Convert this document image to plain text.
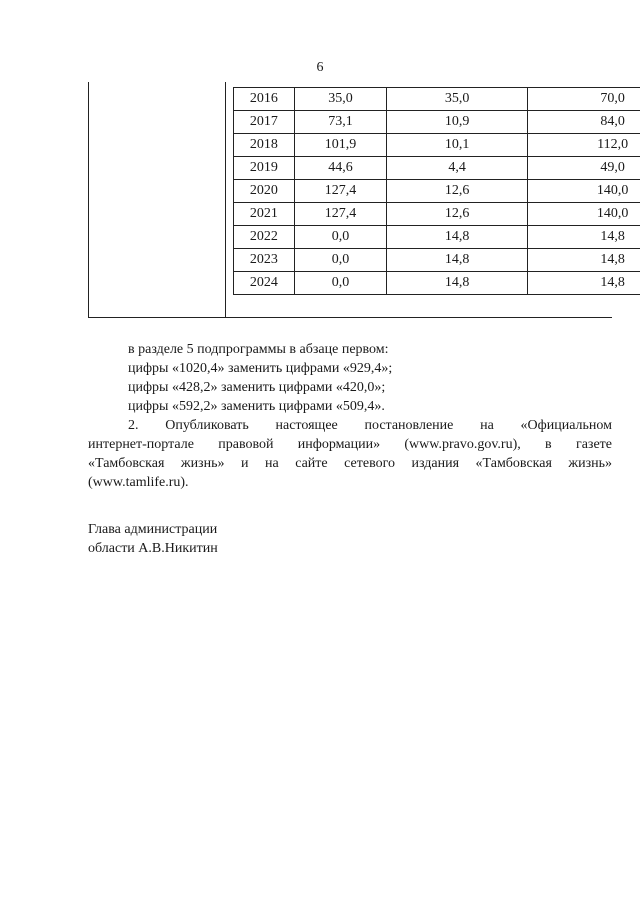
6
2016	35,0	35,0	70,0
2017	73,1	10,9	84,0
2018	101,9	10,1	112,0
2019	44,6	4,4	49,0
2020	127,4	12,6	140,0
2021	127,4	12,6	140,0
2022	0,0	14,8	14,8
2023	0,0	14,8	14,8
2024	0,0	14,8	14,8

в разделе 5 подпрограммы в абзаце первом:

цифры «1020,4» заменить цифрами «929,4»;

цифры «428,2» заменить цифрами «420,0»;

цифры «592,2» заменить цифрами «509,4».

2. Опубликовать настоящее постановление на «Официальном

интернет-портале правовой информации» (www.pravo.gov.ru), в газете

«Тамбовская жизнь» и на сайте сетевого издания «Тамбовская жизнь»

(www.tamlife.ru).

Глава администрации

области А.В.Никитин
